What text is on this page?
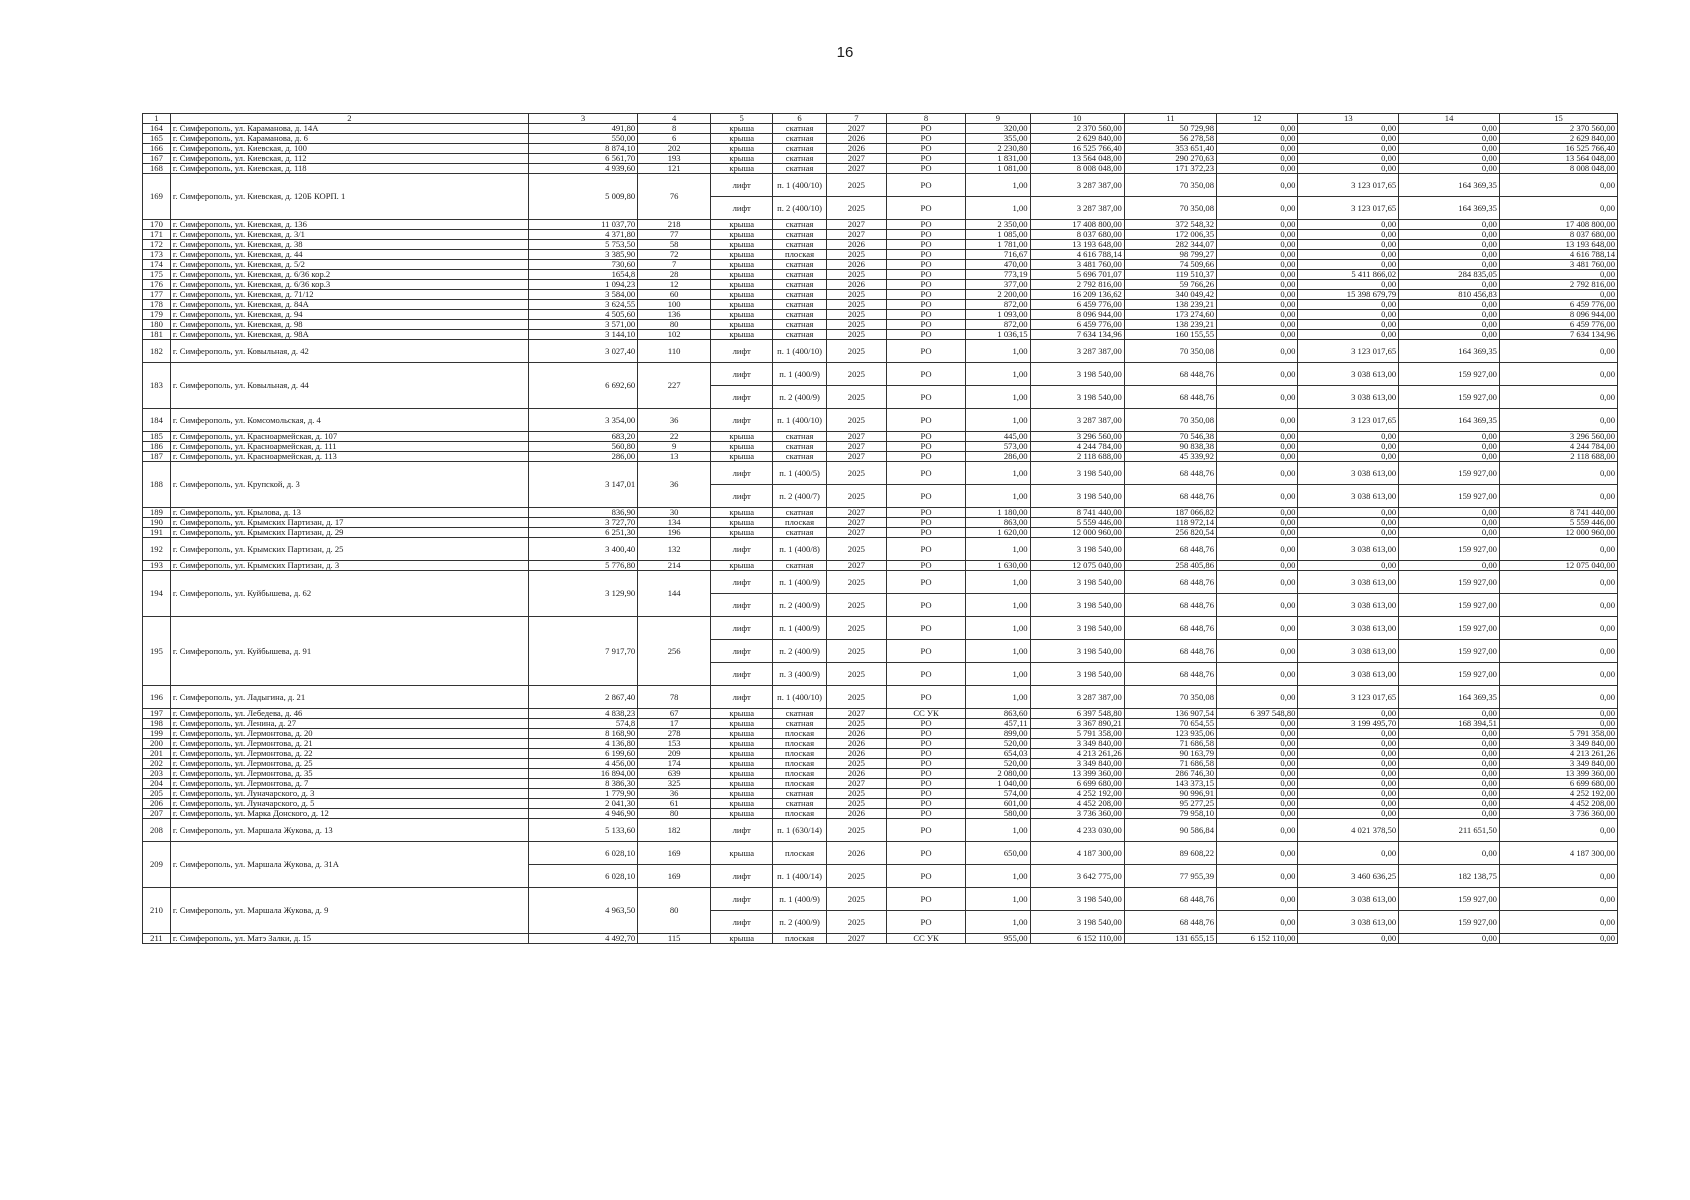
16
1	2	3	4	5	6	7	8	9	10	11	12	13	14	15
164	г. Симферополь, ул. Караманова, д. 14А	491,80	8	крыша	скатная	2027	РО	320,00	2 370 560,00	50 729,98	0,00	0,00	0,00	2 370 560,00
165	г. Симферополь, ул. Караманова, д. 6	550,00	6	крыша	скатная	2026	РО	355,00	2 629 840,00	56 278,58	0,00	0,00	0,00	2 629 840,00
166	г. Симферополь, ул. Киевская, д. 100	8 874,10	202	крыша	скатная	2026	РО	2 230,80	16 525 766,40	353 651,40	0,00	0,00	0,00	16 525 766,40
167	г. Симферополь, ул. Киевская, д. 112	6 561,70	193	крыша	скатная	2027	РО	1 831,00	13 564 048,00	290 270,63	0,00	0,00	0,00	13 564 048,00
168	г. Симферополь, ул. Киевская, д. 118	4 939,60	121	крыша	скатная	2027	РО	1 081,00	8 008 048,00	171 372,23	0,00	0,00	0,00	8 008 048,00
169	г. Симферополь, ул. Киевская, д. 120Б КОРП. 1	5 009,80	76	лифт	п. 1 (400/10)	2025	РО	1,00	3 287 387,00	70 350,08	0,00	3 123 017,65	164 369,35	0,00
				лифт	п. 2 (400/10)	2025	РО	1,00	3 287 387,00	70 350,08	0,00	3 123 017,65	164 369,35	0,00
170	г. Симферополь, ул. Киевская, д. 136	11 037,70	218	крыша	скатная	2027	РО	2 350,00	17 408 800,00	372 548,32	0,00	0,00	0,00	17 408 800,00
171	г. Симферополь, ул. Киевская, д. 3/1	4 371,80	77	крыша	скатная	2027	РО	1 085,00	8 037 680,00	172 006,35	0,00	0,00	0,00	8 037 680,00
172	г. Симферополь, ул. Киевская, д. 38	5 753,50	58	крыша	скатная	2026	РО	1 781,00	13 193 648,00	282 344,07	0,00	0,00	0,00	13 193 648,00
173	г. Симферополь, ул. Киевская, д. 44	3 385,90	72	крыша	плоская	2025	РО	716,67	4 616 788,14	98 799,27	0,00	0,00	0,00	4 616 788,14
174	г. Симферополь, ул. Киевская, д. 5/2	730,60	7	крыша	скатная	2026	РО	470,00	3 481 760,00	74 509,66	0,00	0,00	0,00	3 481 760,00
175	г. Симферополь, ул. Киевская, д. 6/36 кор.2	1654,8	28	крыша	скатная	2025	РО	773,19	5 696 701,07	119 510,37	0,00	5 411 866,02	284 835,05	0,00
176	г. Симферополь, ул. Киевская, д. 6/36 кор.3	1 094,23	12	крыша	скатная	2026	РО	377,00	2 792 816,00	59 766,26	0,00	0,00	0,00	2 792 816,00
177	г. Симферополь, ул. Киевская, д. 71/12	3 584,00	60	крыша	скатная	2025	РО	2 200,00	16 209 136,62	340 049,42	0,00	15 398 679,79	810 456,83	0,00
178	г. Симферополь, ул. Киевская, д. 84А	3 624,55	100	крыша	скатная	2025	РО	872,00	6 459 776,00	138 239,21	0,00	0,00	0,00	6 459 776,00
179	г. Симферополь, ул. Киевская, д. 94	4 505,60	136	крыша	скатная	2025	РО	1 093,00	8 096 944,00	173 274,60	0,00	0,00	0,00	8 096 944,00
180	г. Симферополь, ул. Киевская, д. 98	3 571,00	80	крыша	скатная	2025	РО	872,00	6 459 776,00	138 239,21	0,00	0,00	0,00	6 459 776,00
181	г. Симферополь, ул. Киевская, д. 98А	3 144,10	102	крыша	скатная	2025	РО	1 036,15	7 634 134,96	160 155,55	0,00	0,00	0,00	7 634 134,96
182	г. Симферополь, ул. Ковыльная, д. 42	3 027,40	110	лифт	п. 1 (400/10)	2025	РО	1,00	3 287 387,00	70 350,08	0,00	3 123 017,65	164 369,35	0,00
183	г. Симферополь, ул. Ковыльная, д. 44	6 692,60	227	лифт	п. 1 (400/9)	2025	РО	1,00	3 198 540,00	68 448,76	0,00	3 038 613,00	159 927,00	0,00
				лифт	п. 2 (400/9)	2025	РО	1,00	3 198 540,00	68 448,76	0,00	3 038 613,00	159 927,00	0,00
184	г. Симферополь, ул. Комсомольская, д. 4	3 354,00	36	лифт	п. 1 (400/10)	2025	РО	1,00	3 287 387,00	70 350,08	0,00	3 123 017,65	164 369,35	0,00
185	г. Симферополь, ул. Красноармейская, д. 107	683,20	22	крыша	скатная	2027	РО	445,00	3 296 560,00	70 546,38	0,00	0,00	0,00	3 296 560,00
186	г. Симферополь, ул. Красноармейская, д. 111	560,80	9	крыша	скатная	2027	РО	573,00	4 244 784,00	90 838,38	0,00	0,00	0,00	4 244 784,00
187	г. Симферополь, ул. Красноармейская, д. 113	286,00	13	крыша	скатная	2027	РО	286,00	2 118 688,00	45 339,92	0,00	0,00	0,00	2 118 688,00
188	г. Симферополь, ул. Крупской, д. 3	3 147,01	36	лифт	п. 1 (400/5)	2025	РО	1,00	3 198 540,00	68 448,76	0,00	3 038 613,00	159 927,00	0,00
				лифт	п. 2 (400/7)	2025	РО	1,00	3 198 540,00	68 448,76	0,00	3 038 613,00	159 927,00	0,00
189	г. Симферополь, ул. Крылова, д. 13	836,90	30	крыша	скатная	2027	РО	1 180,00	8 741 440,00	187 066,82	0,00	0,00	0,00	8 741 440,00
190	г. Симферополь, ул. Крымских Партизан, д. 17	3 727,70	134	крыша	плоская	2027	РО	863,00	5 559 446,00	118 972,14	0,00	0,00	0,00	5 559 446,00
191	г. Симферополь, ул. Крымских Партизан, д. 29	6 251,30	196	крыша	скатная	2027	РО	1 620,00	12 000 960,00	256 820,54	0,00	0,00	0,00	12 000 960,00
192	г. Симферополь, ул. Крымских Партизан, д. 25	3 400,40	132	лифт	п. 1 (400/8)	2025	РО	1,00	3 198 540,00	68 448,76	0,00	3 038 613,00	159 927,00	0,00
193	г. Симферополь, ул. Крымских Партизан, д. 3	5 776,80	214	крыша	скатная	2027	РО	1 630,00	12 075 040,00	258 405,86	0,00	0,00	0,00	12 075 040,00
194	г. Симферополь, ул. Куйбышева, д. 62	3 129,90	144	лифт	п. 1 (400/9)	2025	РО	1,00	3 198 540,00	68 448,76	0,00	3 038 613,00	159 927,00	0,00
				лифт	п. 2 (400/9)	2025	РО	1,00	3 198 540,00	68 448,76	0,00	3 038 613,00	159 927,00	0,00
195	г. Симферополь, ул. Куйбышева, д. 91	7 917,70	256	лифт	п. 1 (400/9)	2025	РО	1,00	3 198 540,00	68 448,76	0,00	3 038 613,00	159 927,00	0,00
				лифт	п. 2 (400/9)	2025	РО	1,00	3 198 540,00	68 448,76	0,00	3 038 613,00	159 927,00	0,00
				лифт	п. 3 (400/9)	2025	РО	1,00	3 198 540,00	68 448,76	0,00	3 038 613,00	159 927,00	0,00
196	г. Симферополь, ул. Ладыгина, д. 21	2 867,40	78	лифт	п. 1 (400/10)	2025	РО	1,00	3 287 387,00	70 350,08	0,00	3 123 017,65	164 369,35	0,00
197	г. Симферополь, ул. Лебедева, д. 46	4 838,23	67	крыша	скатная	2027	СС УК	863,60	6 397 548,80	136 907,54	6 397 548,80	0,00	0,00	0,00
198	г. Симферополь, ул. Ленина, д. 27	574,8	17	крыша	скатная	2025	РО	457,11	3 367 890,21	70 654,55	0,00	3 199 495,70	168 394,51	0,00
199	г. Симферополь, ул. Лермонтова, д. 20	8 168,90	278	крыша	плоская	2026	РО	899,00	5 791 358,00	123 935,06	0,00	0,00	0,00	5 791 358,00
200	г. Симферополь, ул. Лермонтова, д. 21	4 136,80	153	крыша	плоская	2026	РО	520,00	3 349 840,00	71 686,58	0,00	0,00	0,00	3 349 840,00
201	г. Симферополь, ул. Лермонтова, д. 22	6 199,60	209	крыша	плоская	2026	РО	654,03	4 213 261,26	90 163,79	0,00	0,00	0,00	4 213 261,26
202	г. Симферополь, ул. Лермонтова, д. 25	4 456,00	174	крыша	плоская	2025	РО	520,00	3 349 840,00	71 686,58	0,00	0,00	0,00	3 349 840,00
203	г. Симферополь, ул. Лермонтова, д. 35	16 894,00	639	крыша	плоская	2026	РО	2 080,00	13 399 360,00	286 746,30	0,00	0,00	0,00	13 399 360,00
204	г. Симферополь, ул. Лермонтова, д. 7	8 386,30	325	крыша	плоская	2027	РО	1 040,00	6 699 680,00	143 373,15	0,00	0,00	0,00	6 699 680,00
205	г. Симферополь, ул. Луначарского, д. 3	1 779,90	36	крыша	скатная	2025	РО	574,00	4 252 192,00	90 996,91	0,00	0,00	0,00	4 252 192,00
206	г. Симферополь, ул. Луначарского, д. 5	2 041,30	61	крыша	скатная	2025	РО	601,00	4 452 208,00	95 277,25	0,00	0,00	0,00	4 452 208,00
207	г. Симферополь, ул. Марка Донского, д. 12	4 946,90	80	крыша	плоская	2026	РО	580,00	3 736 360,00	79 958,10	0,00	0,00	0,00	3 736 360,00
208	г. Симферополь, ул. Маршала Жукова, д. 13	5 133,60	182	лифт	п. 1 (630/14)	2025	РО	1,00	4 233 030,00	90 586,84	0,00	4 021 378,50	211 651,50	0,00
209	г. Симферополь, ул. Маршала Жукова, д. 31А	6 028,10	169	крыша	плоская	2026	РО	650,00	4 187 300,00	89 608,22	0,00	0,00	0,00	4 187 300,00
		6 028,10	169	лифт	п. 1 (400/14)	2025	РО	1,00	3 642 775,00	77 955,39	0,00	3 460 636,25	182 138,75	0,00
210	г. Симферополь, ул. Маршала Жукова, д. 9	4 963,50	80	лифт	п. 1 (400/9)	2025	РО	1,00	3 198 540,00	68 448,76	0,00	3 038 613,00	159 927,00	0,00
				лифт	п. 2 (400/9)	2025	РО	1,00	3 198 540,00	68 448,76	0,00	3 038 613,00	159 927,00	0,00
211	г. Симферополь, ул. Матэ Залки, д. 15	4 492,70	115	крыша	плоская	2027	СС УК	955,00	6 152 110,00	131 655,15	6 152 110,00	0,00	0,00	0,00
